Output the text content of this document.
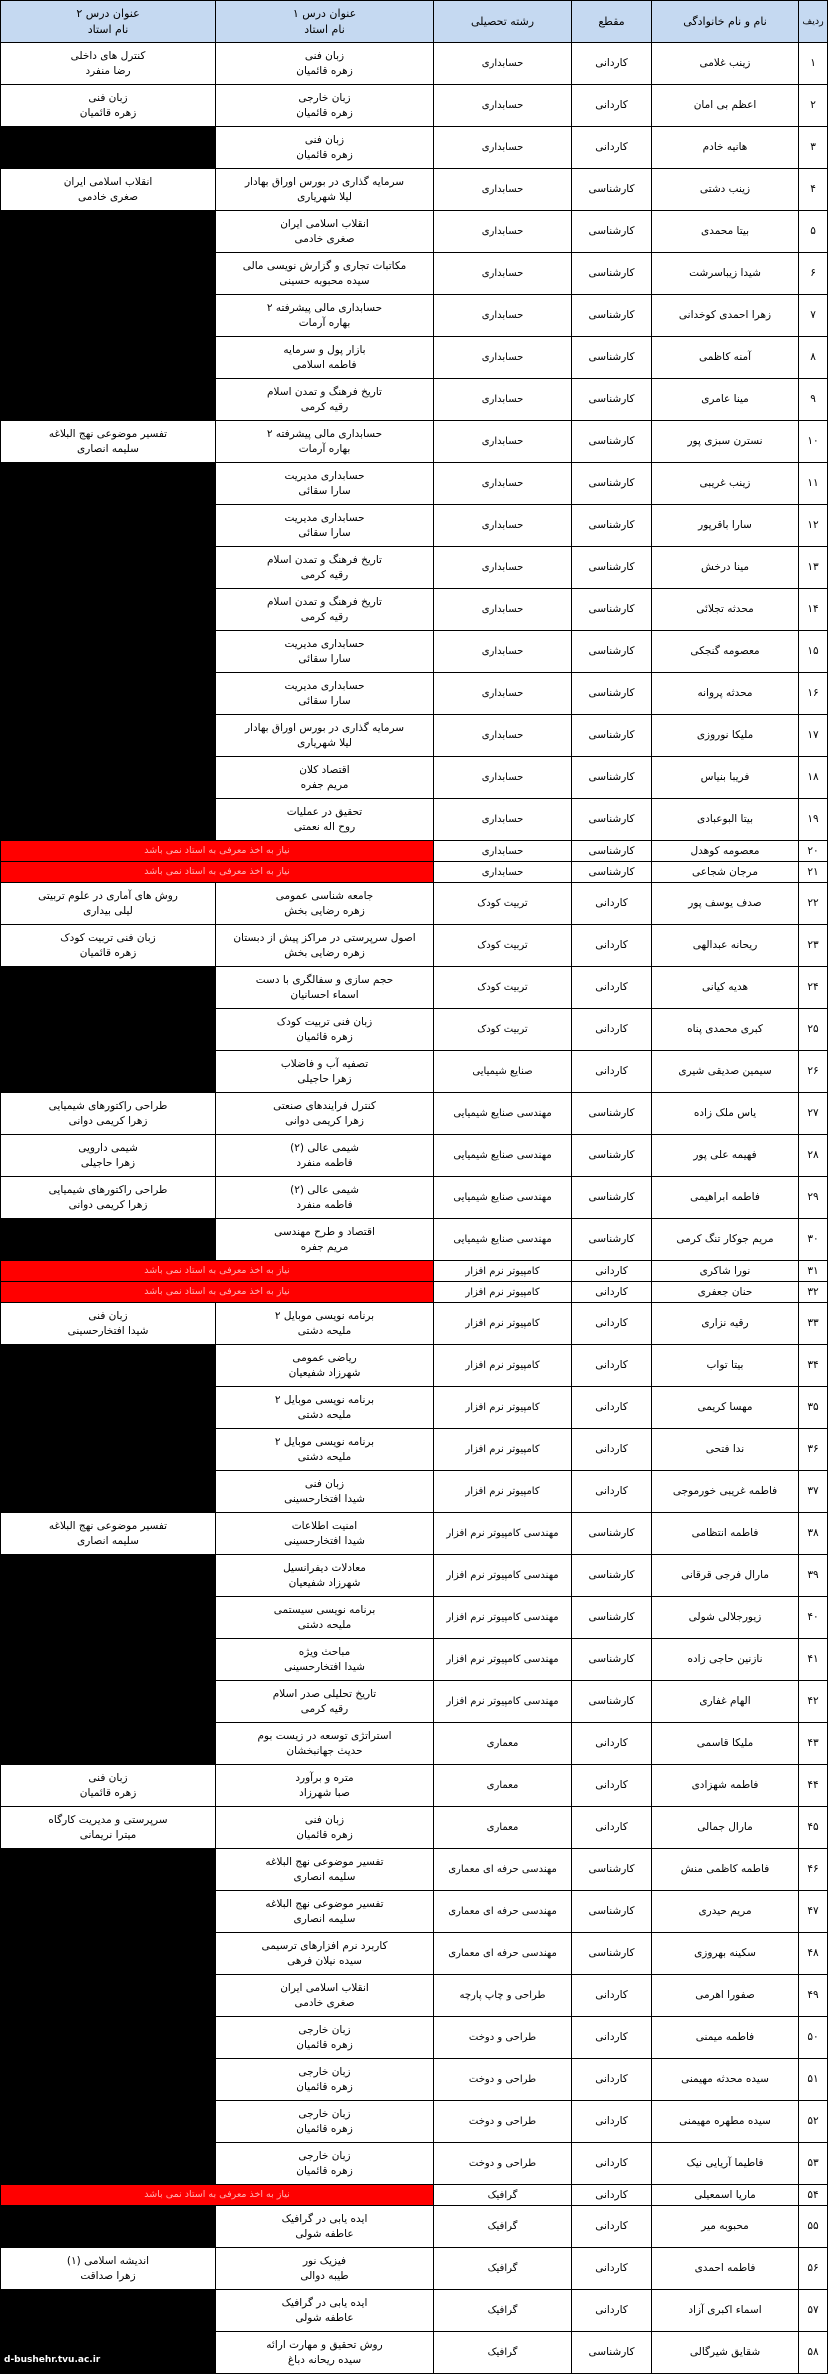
ردیف
نام و نام خانوادگی
مقطع
رشته تحصیلی
عنوان درس ۱
نام استاد
عنوان درس ۲
نام استاد
۱
زینب غلامی
کاردانی
حسابداری
زبان فنی
زهره قائمیان
کنترل های داخلی
رضا منفرد
۲
اعظم بی امان
کاردانی
حسابداری
زبان خارجی
زهره قائمیان
زبان فنی
زهره قائمیان
۳
هانیه خادم
کاردانی
حسابداری
زبان فنی
زهره قائمیان
۴
زینب دشتی
کارشناسی
حسابداری
سرمایه گذاری در بورس اوراق بهادار
لیلا شهریاری
انقلاب اسلامی ایران
صغری خادمی
۵
بیتا محمدی
کارشناسی
حسابداری
انقلاب اسلامی ایران
صغری خادمی
۶
شیدا زیباسرشت
کارشناسی
حسابداری
مکاتبات تجاری و گزارش نویسی مالی
سیده محبوبه حسینی
۷
زهرا احمدی کوخدانی
کارشناسی
حسابداری
حسابداری مالی پیشرفته ۲
بهاره آرمات
۸
آمنه کاظمی
کارشناسی
حسابداری
بازار پول و سرمایه
فاطمه اسلامی
۹
مینا عامری
کارشناسی
حسابداری
تاریخ فرهنگ و تمدن اسلام
رقیه کرمی
۱۰
نسترن سبزی پور
کارشناسی
حسابداری
حسابداری مالی پیشرفته ۲
بهاره آرمات
تفسیر موضوعی نهج البلاغه
سلیمه انصاری
۱۱
زینب غریبی
کارشناسی
حسابداری
حسابداری مدیریت
سارا سقائی
۱۲
سارا باقرپور
کارشناسی
حسابداری
حسابداری مدیریت
سارا سقائی
۱۳
مینا درخش
کارشناسی
حسابداری
تاریخ فرهنگ و تمدن اسلام
رقیه کرمی
۱۴
محدثه تجلائی
کارشناسی
حسابداری
تاریخ فرهنگ و تمدن اسلام
رقیه کرمی
۱۵
معصومه گنجکی
کارشناسی
حسابداری
حسابداری مدیریت
سارا سقائی
۱۶
محدثه پروانه
کارشناسی
حسابداری
حسابداری مدیریت
سارا سقائی
۱۷
ملیکا نوروزی
کارشناسی
حسابداری
سرمایه گذاری در بورس اوراق بهادار
لیلا شهریاری
۱۸
فریبا بنیاس
کارشناسی
حسابداری
اقتصاد کلان
مریم جفره
۱۹
بیتا البوعبادی
کارشناسی
حسابداری
تحقیق در عملیات
روح اله نعمتی
۲۰
معصومه کوهدل
کارشناسی
حسابداری
نیاز به اخذ معرفی به استاد نمی باشد
۲۱
مرجان شجاعی
کارشناسی
حسابداری
نیاز به اخذ معرفی به استاد نمی باشد
۲۲
صدف یوسف پور
کاردانی
تربیت کودک
جامعه شناسی عمومی
زهره رضایی بخش
روش های آماری در علوم تربیتی
لیلی بیداری
۲۳
ریحانه عبدالهی
کاردانی
تربیت کودک
اصول سرپرستی در مراکز پیش از دبستان
زهره رضایی بخش
زبان فنی تربیت کودک
زهره قائمیان
۲۴
هدیه کیانی
کاردانی
تربیت کودک
حجم سازی و سفالگری با دست
اسماء احسانیان
۲۵
کبری محمدی پناه
کاردانی
تربیت کودک
زبان فنی تربیت کودک
زهره قائمیان
۲۶
سیمین صدیقی شیری
کاردانی
صنایع شیمیایی
تصفیه آب و فاضلاب
زهرا حاجیلی
۲۷
یاس ملک زاده
کارشناسی
مهندسی صنایع شیمیایی
کنترل فرایندهای صنعتی
زهرا کریمی دوانی
طراحی راکتورهای شیمیایی
زهرا کریمی دوانی
۲۸
فهیمه علی پور
کارشناسی
مهندسی صنایع شیمیایی
شیمی عالی (۲)
فاطمه منفرد
شیمی دارویی
زهرا حاجیلی
۲۹
فاطمه ابراهیمی
کارشناسی
مهندسی صنایع شیمیایی
شیمی عالی (۲)
فاطمه منفرد
طراحی راکتورهای شیمیایی
زهرا کریمی دوانی
۳۰
مریم جوکار تنگ کرمی
کارشناسی
مهندسی صنایع شیمیایی
اقتصاد و طرح مهندسی
مریم جفره
۳۱
نورا شاکری
کاردانی
کامپیوتر نرم افزار
نیاز به اخذ معرفی به استاد نمی باشد
۳۲
حنان جعفری
کاردانی
کامپیوتر نرم افزار
نیاز به اخذ معرفی به استاد نمی باشد
۳۳
رقیه نزاری
کاردانی
کامپیوتر نرم افزار
برنامه نویسی موبایل ۲
ملیحه دشتی
زبان فنی
شیدا افتخارحسینی
۳۴
بیتا تواب
کاردانی
کامپیوتر نرم افزار
ریاضی عمومی
شهرزاد شفیعیان
۳۵
مهسا کریمی
کاردانی
کامپیوتر نرم افزار
برنامه نویسی موبایل ۲
ملیحه دشتی
۳۶
ندا فتحی
کاردانی
کامپیوتر نرم افزار
برنامه نویسی موبایل ۲
ملیحه دشتی
۳۷
فاطمه غریبی خورموجی
کاردانی
کامپیوتر نرم افزار
زبان فنی
شیدا افتخارحسینی
۳۸
فاطمه انتظامی
کارشناسی
مهندسی کامپیوتر نرم افزار
امنیت اطلاعات
شیدا افتخارحسینی
تفسیر موضوعی نهج البلاغه
سلیمه انصاری
۳۹
مارال فرجی قرقانی
کارشناسی
مهندسی کامپیوتر نرم افزار
معادلات دیفرانسیل
شهرزاد شفیعیان
۴۰
زیورجلالی شولی
کارشناسی
مهندسی کامپیوتر نرم افزار
برنامه نویسی سیستمی
ملیحه دشتی
۴۱
نازنین حاجی زاده
کارشناسی
مهندسی کامپیوتر نرم افزار
مباحث ویژه
شیدا افتخارحسینی
۴۲
الهام غفاری
کارشناسی
مهندسی کامپیوتر نرم افزار
تاریخ تحلیلی صدر اسلام
رقیه کرمی
۴۳
ملیکا قاسمی
کاردانی
معماری
استراتژی توسعه در زیست بوم
حدیث جهانبخشان
۴۴
فاطمه شهزادی
کاردانی
معماری
متره و برآورد
صبا شهرزاد
زبان فنی
زهره قائمیان
۴۵
مارال جمالی
کاردانی
معماری
زبان فنی
زهره قائمیان
سرپرستی و مدیریت کارگاه
میترا نریمانی
۴۶
فاطمه کاظمی منش
کارشناسی
مهندسی حرفه ای معماری
تفسیر موضوعی نهج البلاغه
سلیمه انصاری
۴۷
مریم حیدری
کارشناسی
مهندسی حرفه ای معماری
تفسیر موضوعی نهج البلاغه
سلیمه انصاری
۴۸
سکینه بهروزی
کارشناسی
مهندسی حرفه ای معماری
کاربرد نرم افزارهای ترسیمی
سیده نیلان فرهی
۴۹
صفورا اهرمی
کاردانی
طراحی و چاپ پارچه
انقلاب اسلامی ایران
صغری خادمی
۵۰
فاطمه میمنی
کاردانی
طراحی و دوخت
زبان خارجی
زهره قائمیان
۵۱
سیده محدثه مهیمنی
کاردانی
طراحی و دوخت
زبان خارجی
زهره قائمیان
۵۲
سیده مطهره مهیمنی
کاردانی
طراحی و دوخت
زبان خارجی
زهره قائمیان
۵۳
فاطیما آریایی نیک
کاردانی
طراحی و دوخت
زبان خارجی
زهره قائمیان
۵۴
ماریا اسمعیلی
کاردانی
گرافیک
نیاز به اخذ معرفی به استاد نمی باشد
۵۵
محبوبه میر
کاردانی
گرافیک
ایده یابی در گرافیک
عاطفه شولی
۵۶
فاطمه احمدی
کاردانی
گرافیک
فیزیک نور
طیبه دوالی
اندیشه اسلامی (۱)
زهرا صداقت
۵۷
اسماء اکبری آزاد
کاردانی
گرافیک
ایده یابی در گرافیک
عاطفه شولی
۵۸
شقایق شیرگالی
کارشناسی
گرافیک
روش تحقیق و مهارت ارائه
سیده ریحانه دباغ
d-bushehr.tvu.ac.ir
